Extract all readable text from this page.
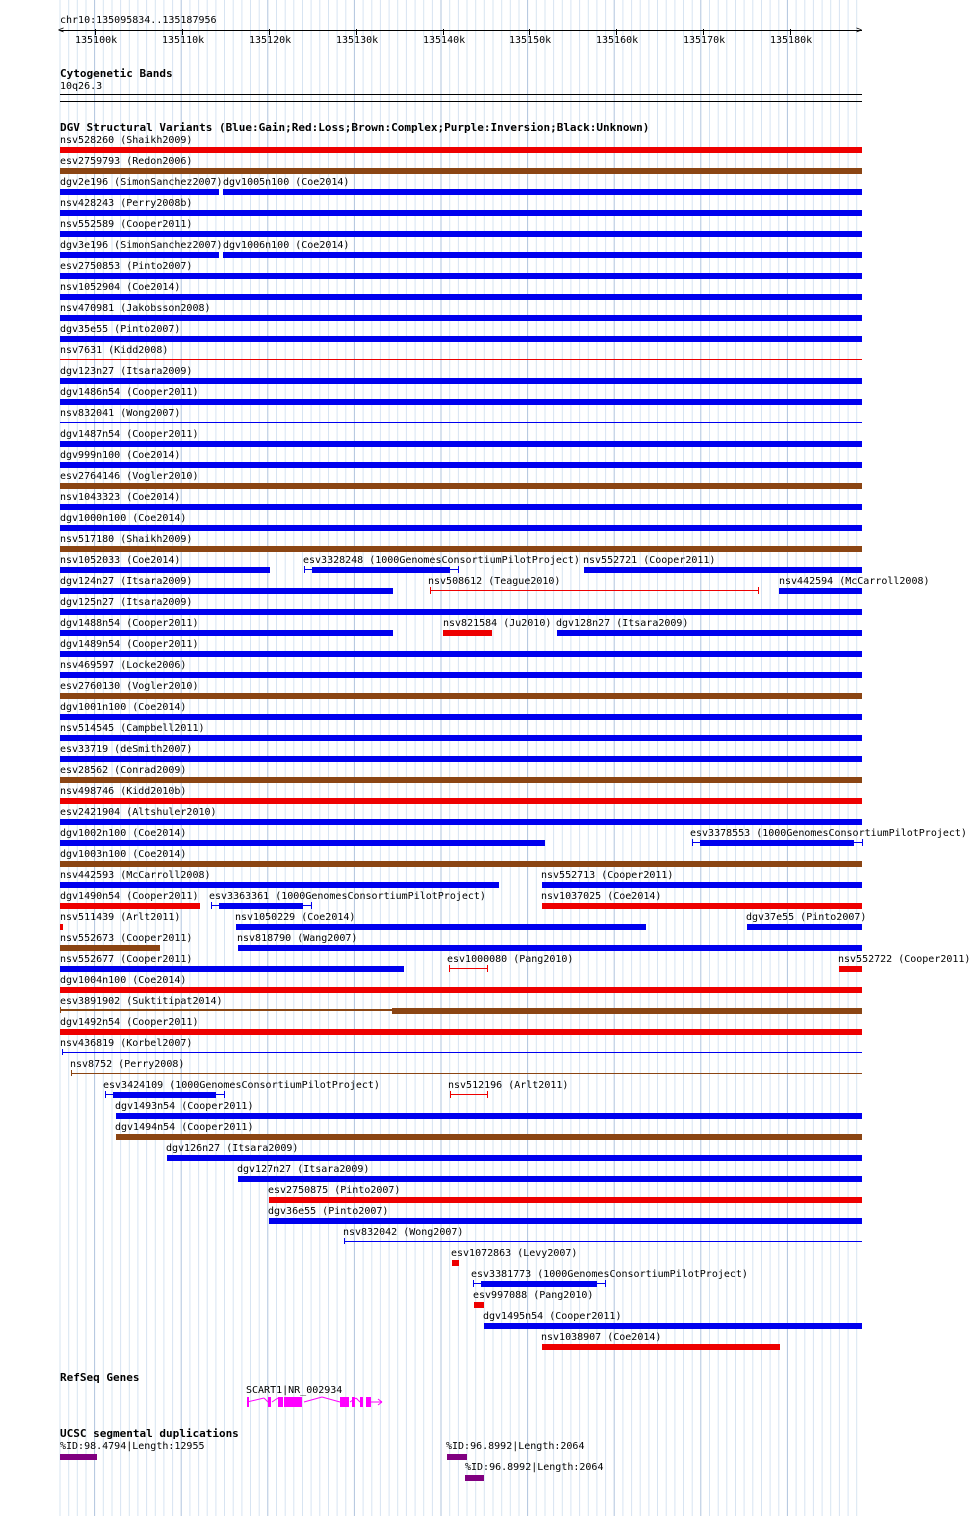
chr10:135095834..135187956
135100k	135110k	135120k	135130k	135140k	135150k	135160k	135170k	135180k
>
<
Cytogenetic Bands
10q26.3
DGV Structural Variants (Blue:Gain;Red:Loss;Brown:Complex;Purple:Inversion;Black:Unknown)
nsv528260 (Shaikh2009)
esv2759793 (Redon2006)
dgv2e196 (SimonSanchez2007) dgv1005n100 (Coe2014)
nsv428243 (Perry2008b)
nsv552589 (Cooper2011)
dgv3e196 (SimonSanchez2007) dgv1006n100 (Coe2014)
esv2750853 (Pinto2007)
nsv1052904 (Coe2014)
nsv470981 (Jakobsson2008)
dgv35e55 (Pinto2007)
nsv7631 (Kidd2008)
dgv123n27 (Itsara2009)
dgv1486n54 (Cooper2011)
nsv832041 (Wong2007)
dgv1487n54 (Cooper2011)
dgv999n100 (Coe2014)
esv2764146 (Vogler2010)
nsv1043323 (Coe2014)
dgv1000n100 (Coe2014)
nsv517180 (Shaikh2009)
nsv1052033 (Coe2014)	esv3328248 (1000GenomesConsortiumPilotProject) nsv552721 (Cooper2011)
dgv124n27 (Itsara2009)	nsv508612 (Teague2010)	nsv442594 (McCarroll2008)
dgv125n27 (Itsara2009)
dgv1488n54 (Cooper2011)	nsv821584 (Ju2010) dgv128n27 (Itsara2009)
dgv1489n54 (Cooper2011)
nsv469597 (Locke2006)
esv2760130 (Vogler2010)
dgv1001n100 (Coe2014)
nsv514545 (Campbell2011)
esv33719 (deSmith2007)
esv28562 (Conrad2009)
nsv498746 (Kidd2010b)
esv2421904 (Altshuler2010)
dgv1002n100 (Coe2014)	esv3378553 (1000GenomesConsortiumPilotProject)
dgv1003n100 (Coe2014)
nsv442593 (McCarroll2008)	nsv552713 (Cooper2011)
dgv1490n54 (Cooper2011) esv3363361 (1000GenomesConsortiumPilotProject)	nsv1037025 (Coe2014)
nsv511439 (Arlt2011)	nsv1050229 (Coe2014)	dgv37e55 (Pinto2007)
nsv552673 (Cooper2011)	nsv818790 (Wang2007)
nsv552677 (Cooper2011)	esv1000080 (Pang2010)	nsv552722 (Cooper2011)
dgv1004n100 (Coe2014)
esv3891902 (Suktitipat2014)
dgv1492n54 (Cooper2011)
nsv436819 (Korbel2007)
nsv8752 (Perry2008)
esv3424109 (1000GenomesConsortiumPilotProject)	nsv512196 (Arlt2011)
dgv1493n54 (Cooper2011)
dgv1494n54 (Cooper2011)
dgv126n27 (Itsara2009)
dgv127n27 (Itsara2009)
esv2750875 (Pinto2007)
dgv36e55 (Pinto2007)
nsv832042 (Wong2007)
esv1072863 (Levy2007)
esv3381773 (1000GenomesConsortiumPilotProject)
esv997088 (Pang2010)
dgv1495n54 (Cooper2011)
nsv1038907 (Coe2014)
RefSeq Genes
SCART1|NR_002934
UCSC segmental duplications
%ID:98.4794|Length:12955	%ID:96.8992|Length:2064
%ID:96.8992|Length:2064
